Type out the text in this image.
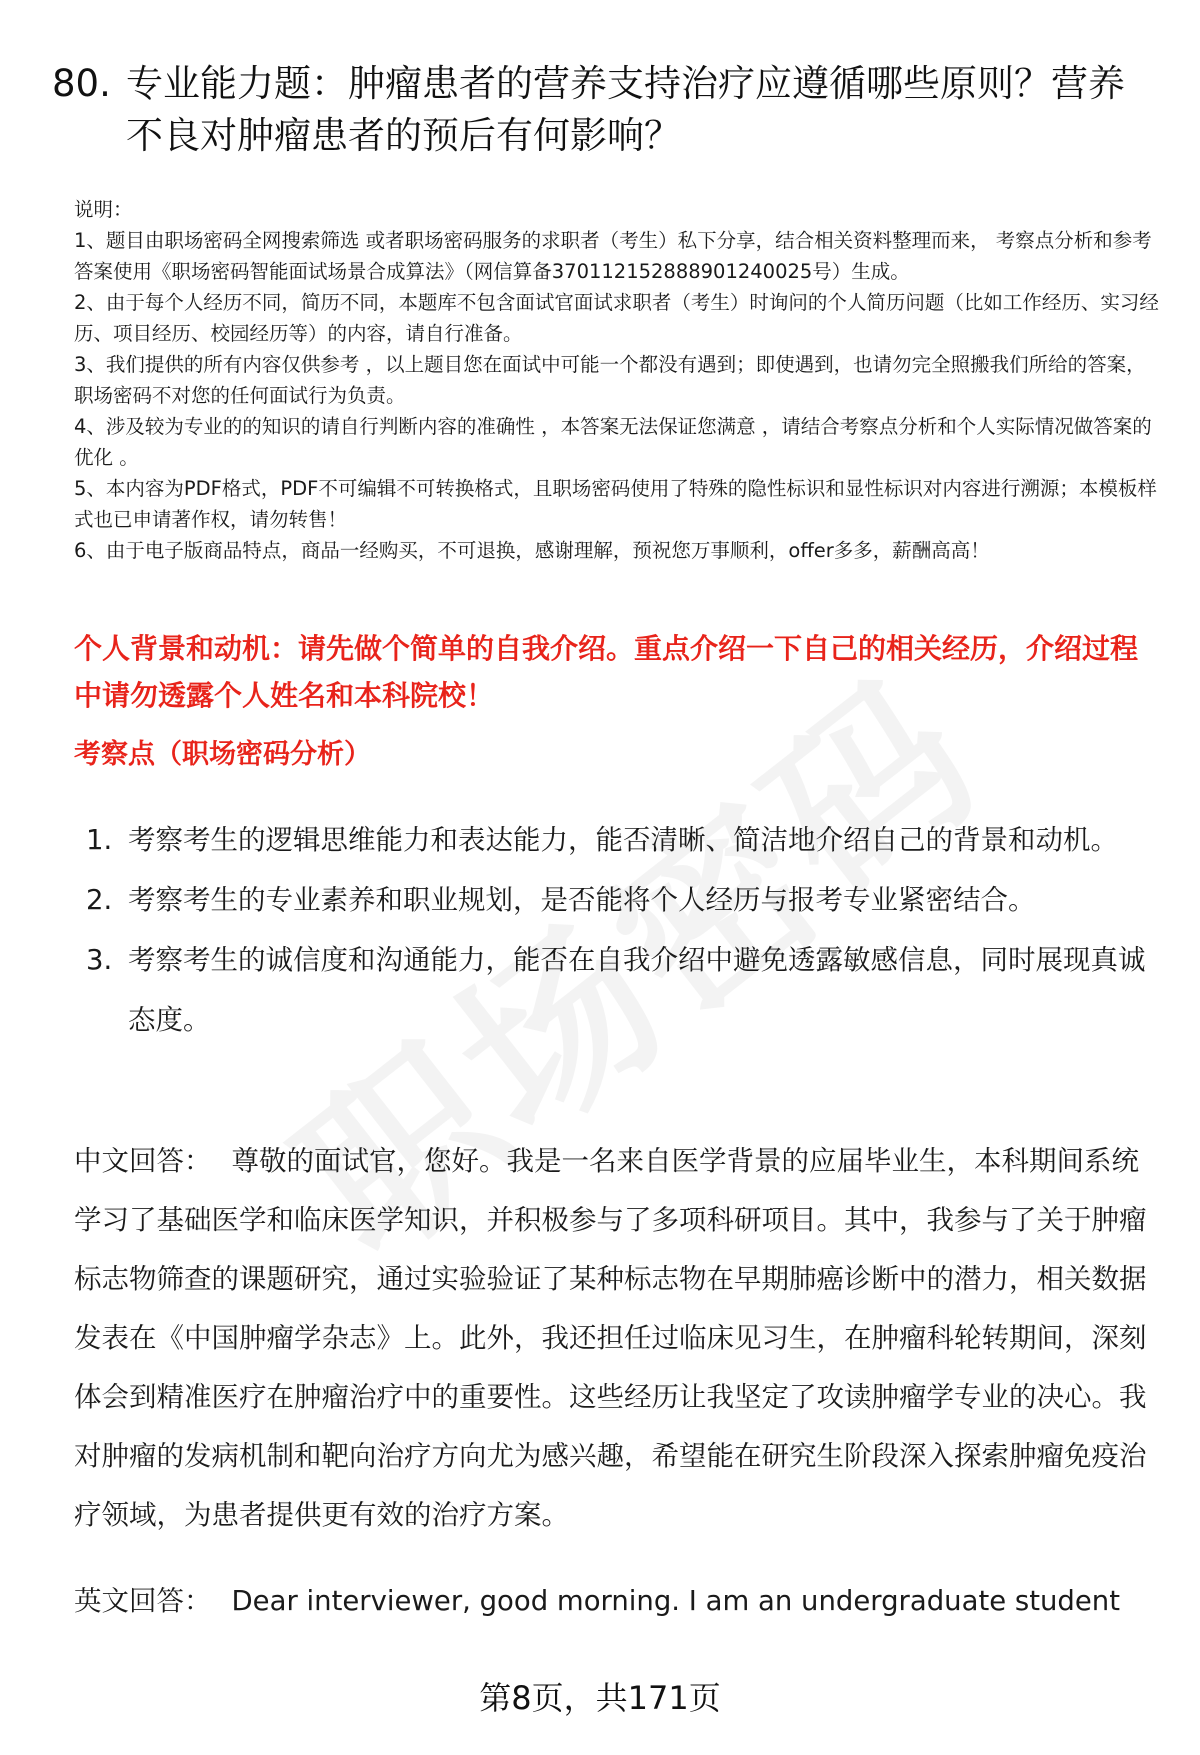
80. 专业能力题：肿瘤患者的营养支持治疗应遵循哪些原则？营养不良对肿瘤患者的预后有何影响？
说明：
1、题目由职场密码全网搜索筛选 或者职场密码服务的求职者（考生）私下分享，结合相关资料整理而来， 考察点分析和参考答案使用《职场密码智能面试场景合成算法》（网信算备370112152888901240025号）生成。
2、由于每个人经历不同，简历不同，本题库不包含面试官面试求职者（考生）时询问的个人简历问题（比如工作经历、实习经历、项目经历、校园经历等）的内容，请自行准备。
3、我们提供的所有内容仅供参考 ，以上题目您在面试中可能一个都没有遇到；即使遇到，也请勿完全照搬我们所给的答案，职场密码不对您的任何面试行为负责。
4、涉及较为专业的的知识的请自行判断内容的准确性 ，本答案无法保证您满意 ，请结合考察点分析和个人实际情况做答案的优化 。
5、本内容为PDF格式，PDF不可编辑不可转换格式，且职场密码使用了特殊的隐性标识和显性标识对内容进行溯源；本模板样式也已申请著作权，请勿转售！
6、由于电子版商品特点，商品一经购买，不可退换，感谢理解，预祝您万事顺利，offer多多，薪酬高高！
个人背景和动机：请先做个简单的自我介绍。重点介绍一下自己的相关经历，介绍过程中请勿透露个人姓名和本科院校！
考察点（职场密码分析）
1. 考察考生的逻辑思维能力和表达能力，能否清晰、简洁地介绍自己的背景和动机。
2. 考察考生的专业素养和职业规划，是否能将个人经历与报考专业紧密结合。
3. 考察考生的诚信度和沟通能力，能否在自我介绍中避免透露敏感信息，同时展现真诚态度。
中文回答： 尊敬的面试官，您好。我是一名来自医学背景的应届毕业生，本科期间系统学习了基础医学和临床医学知识，并积极参与了多项科研项目。其中，我参与了关于肿瘤标志物筛查的课题研究，通过实验验证了某种标志物在早期肺癌诊断中的潜力，相关数据发表在《中国肿瘤学杂志》上。此外，我还担任过临床见习生，在肿瘤科轮转期间，深刻体会到精准医疗在肿瘤治疗中的重要性。这些经历让我坚定了攻读肿瘤学专业的决心。我对肿瘤的发病机制和靶向治疗方向尤为感兴趣，希望能在研究生阶段深入探索肿瘤免疫治疗领域，为患者提供更有效的治疗方案。
英文回答： Dear interviewer, good morning. I am an undergraduate student
第8页，共171页
